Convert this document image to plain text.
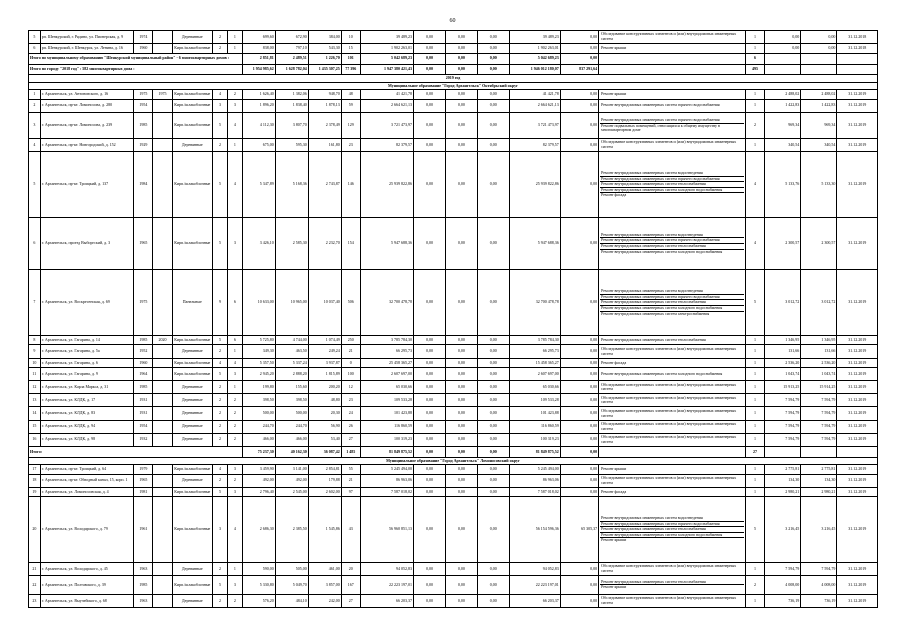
60
5	рп. Шенкурский, г. Рядино, ул. Пионерская, д. 9	1974		Деревянные	2	1	699,60	672,90	384,00	10	39 489,23	0,00	0,00	0,00	39 489,23	0,00	Обследование конструктивных элементов и (или) внутридомовых инженерных систем	1	0,00	0,00	31.12.2018
6	рп. Шенкурский, г. Шенкурск, ул. Ленина, д. 16	1960		Кирп./шлакоблочные	2	1	838,00	797,10	543,30	15	1 902 263,01	0,00	0,00	0,00	1 902 263,01	0,00	Ремонт крыши	1	0,00	0,00	31.12.2018
Итого по муниципальному образованию "Шенкурский муниципальный район" - 6 многоквартирных домов :							2 851,81	2 489,51	1 226,70	101	5 042 689,23	0,00	0,00	0,00	5 042 689,23	0,00		6			
Итого по городу "2018 год" : 582 многоквартирных дома :							1 954 985,62	1 628 782,04	1 435 307,25	77 396	1 947 380 421,43	0,00	0,00	0,00	1 946 012 180,07	837 291,64		495			
2019 год																					
Муниципальное образование "Город Архангельск" Октябрьский округ																					
1	г. Архангельск, ул. Антоновского, д. 16	1975	1975	Кирп./шлакоблочные	4	2	1 626,40	1 382,06	948,70	48	41 421,78	0,00	0,00	0,00	41 421,78	0,00	Ремонт крыши	1	2 488,02	2 488,02	31.12.2019
2	г. Архангельск, пр-кт. Ломоносова, д. 280	1954		Кирп./шлакоблочные	3	3	1 896,20	1 838,40	1 878,13	59	2 664 621,13	0,00	0,00	0,00	2 664 621,13	0,00	Ремонт внутридомовых инженерных систем горячего водоснабжения	1	1 422,83	1 422,83	31.12.2019
3	г. Архангельск, пр-кт. Ломоносова, д. 239	1985		Кирп./шлакоблочные	5	4	4 112,30	3 807,70	2 378,49	129	3 721 473,97	0,00	0,00	0,00	3 721 473,97	0,00	Ремонт внутридомовых инженерных систем горячего водоснабжения
Ремонт подвальных помещений, относящихся к общему имуществу в многоквартирном доме	2	969,34	969,34	31.12.2019
4	г. Архангельск, пр-кт. Новгородский, д. 152	1929		Деревянные	2	1	675,00	595,30	161,80	23	82 379,57	0,00	0,00	0,00	82 379,57	0,00	Обследование конструктивных элементов и (или) внутридомовых инженерных систем	1	340,54	340,54	31.12.2019
5	г. Архангельск, пр-кт. Троицкий, д. 137	1984		Кирп./шлакоблочные	5	4	5 347,89	5 168,36	2 743,87	146	25 939 822,86	0,00	0,00	0,00	25 939 822,86	0,00	Ремонт внутридомовых инженерных систем водоотведения
Ремонт внутридомовых инженерных систем горячего водоснабжения
Ремонт внутридомовых инженерных систем теплоснабжения
Ремонт внутридомовых инженерных систем холодного водоснабжения
Ремонт фасада	4	5 133,76	5 133,30	31.12.2019
6	г. Архангельск, проезд Выборгский, д. 3	1965		Кирп./шлакоблочные	5	3	3 426,10	2 585,30	2 232,70	154	5 947 688,36	0,00	0,00	0,00	5 947 688,36	0,00	Ремонт внутридомовых инженерных систем водоотведения
Ремонт внутридомовых инженерных систем горячего водоснабжения
Ремонт внутридомовых инженерных систем теплоснабжения
Ремонт внутридомовых инженерных систем холодного водоснабжения	4	2 300,57	2 300,57	31.12.2019
7	г. Архангельск, ул. Воскресенская, д. 69	1975		Панельные	9	6	10 633,00	10 965,00	10 037,40	506	32 700 478,78	0,00	0,00	0,00	32 700 478,78	0,00	Ремонт внутридомовых инженерных систем водоотведения
Ремонт внутридомовых инженерных систем горячего водоснабжения
Ремонт внутридомовых инженерных систем теплоснабжения
Ремонт внутридомовых инженерных систем холодного водоснабжения
Ремонт внутридомовых инженерных систем электроснабжения	5	3 012,72	3 012,72	31.12.2019
8	г. Архангельск, ул. Гагарина, д. 14	1985	2020	Кирп./шлакоблочные	5	6	5 725,80	4 744,00	1 074,49	250	3 785 784,30	0,00	0,00	0,00	3 785 784,30	0,00	Ремонт внутридомовых инженерных систем теплоснабжения	1	1 346,95	1 346,95	31.12.2019
9	г. Архангельск, ул. Гагарина, д. 5а	1952		Деревянные	2	1	349,30	463,50	249,24	21	66 295,73	0,00	0,00	0,00	66 295,73	0,00	Обследование конструктивных элементов и (или) внутридомовых инженерных систем	1	131,66	131,66	31.12.2019
10	г. Архангельск, ул. Гагарина, д. 6	1960		Кирп./шлакоблочные	4	4	5 357,50	5 337,24	3 937,87	0	25 458 365,27	0,00	0,00	0,00	15 458 365,27	0,00	Ремонт фасада	1	2 536,20	2 536,20	31.12.2019
11	г. Архангельск, ул. Гагарина, д. 9	1964		Кирп./шлакоблочные	5	3	2 945,20	2 888,20	1 815,89	100	2 607 697,00	0,00	0,00	0,00	2 607 697,00	0,00	Ремонт внутридомовых инженерных систем холодного водоснабжения	1	1 043,74	1 043,74	31.12.2019
12	г. Архангельск, ул. Карла Маркса, д. 31	1985		Деревянные	2	1	199,80	155,60	200,20	12	65 030,66	0,00	0,00	0,00	65 030,66	0,00	Обследование конструктивных элементов и (или) внутридомовых инженерных систем	1	15 913,25	15 914,25	31.12.2019
13	г. Архангельск, ул. КЛДК, д. 17	1931		Деревянные	2	2	398,50	398,50	48,80	23	109 533,28	0,00	0,00	0,00	109 533,28	0,00	Обследование конструктивных элементов и (или) внутридомовых инженерных систем	1	7 594,79	7 594,79	31.12.2019
14	г. Архангельск, ул. КЛДК, д. 83	1931		Деревянные	2	2	500,00	500,00	20,30	24	101 423,88	0,00	0,00	0,00	101 423,88	0,00	Обследование конструктивных элементов и (или) внутридомовых инженерных систем	1	7 594,79	7 594,79	31.12.2019
15	г. Архангельск, ул. КЛДК, д. 94	1954		Деревянные	2	2	244,70	244,70	56,90	26	116 860,59	0,00	0,00	0,00	116 860,59	0,00	Обследование конструктивных элементов и (или) внутридомовых инженерных систем	1	7 594,79	7 594,79	31.12.2019
16	г. Архангельск, ул. КЛДК, д. 98	1932		Деревянные	2	2	466,00	466,00	53,40	27	100 319,23	0,00	0,00	0,00	100 319,23	0,00	Обследование конструктивных элементов и (или) внутридомовых инженерных систем	1	7 594,79	7 594,79	31.12.2019
Итого:							75 237,30	40 162,30	36 087,42	1 485	81 849 875,52	0,00	0,00	0,00	81 849 875,52	0,00		27			
Муниципальное образование "Город Архангельск" Ломоносовский округ																					
17	г. Архангельск, пр-кт. Троицкий, д. 64	1979		Кирп./шлакоблочные	4	3	3 459,90	3 141,00	2 854,81	55	5 245 494,00	0,00	0,00	0,00	5 245 494,00	0,00	Ремонт крыши	1	2 775,81	2 775,81	31.12.2019
18	г. Архангельск, пр-кт. Обводный канал, 15, корп. 1	1965		Деревянные	2	2	492,00	492,00	179,88	21	86 963,06	0,00	0,00	0,00	86 963,06	0,00	Обследование конструктивных элементов и (или) внутридомовых инженерных систем	1	134,30	134,30	31.12.2019
19	г. Архангельск, ул. Ломоносовская, д. 4	1981		Кирп./шлакоблочные	5	3	2 796,40	2 545,00	2 602,00	97	7 587 018,02	0,00	0,00	0,00	7 587 018,02	0,00	Ремонт фасада	1	2 980,21	2 980,21	31.12.2019
20	г. Архангельск, ул. Володарского, д. 79	1961		Кирп./шлакоблочные	3	4	2 686,30	2 385,50	1 545,86	43	56 960 851,13	0,00	0,00	0,00	56 154 596,36	65 305,37	Ремонт внутридомовых инженерных систем водоотведения
Ремонт внутридомовых инженерных систем горячего водоснабжения
Ремонт внутридомовых инженерных систем теплоснабжения
Ремонт внутридомовых инженерных систем холодного водоснабжения
Ремонт крыши	5	3 216,45	3 216,45	31.12.2019
21	г. Архангельск, ул. Володарского, д. 45	1963		Деревянные	2	1	590,00	505,00	461,00	20	94 052,83	0,00	0,00	0,00	94 052,83	0,00	Обследование конструктивных элементов и (или) внутридомовых инженерных систем	1	7 594,79	7 594,79	31.12.2019
22	г. Архангельск, ул. Полтавского, д. 39	1985		Кирп./шлакоблочные	5	3	5 330,80	5 049,70	3 857,00	167	22 223 197,01	0,00	0,00	0,00	22 223 197,01	0,00	Ремонт внутридомовых инженерных систем теплоснабжения
Ремонт крыши	2	4 008,00	4 008,00	31.12.2019
23	г. Архангельск, ул. Выучейского, д. 68	1963		Деревянные	2	2	576,20	484,10	242,00	27	66 203,37	0,00	0,00	0,00	66 203,37	0,00	Обследование конструктивных элементов и (или) внутридомовых инженерных систем	1	736,19	736,19	31.12.2019
